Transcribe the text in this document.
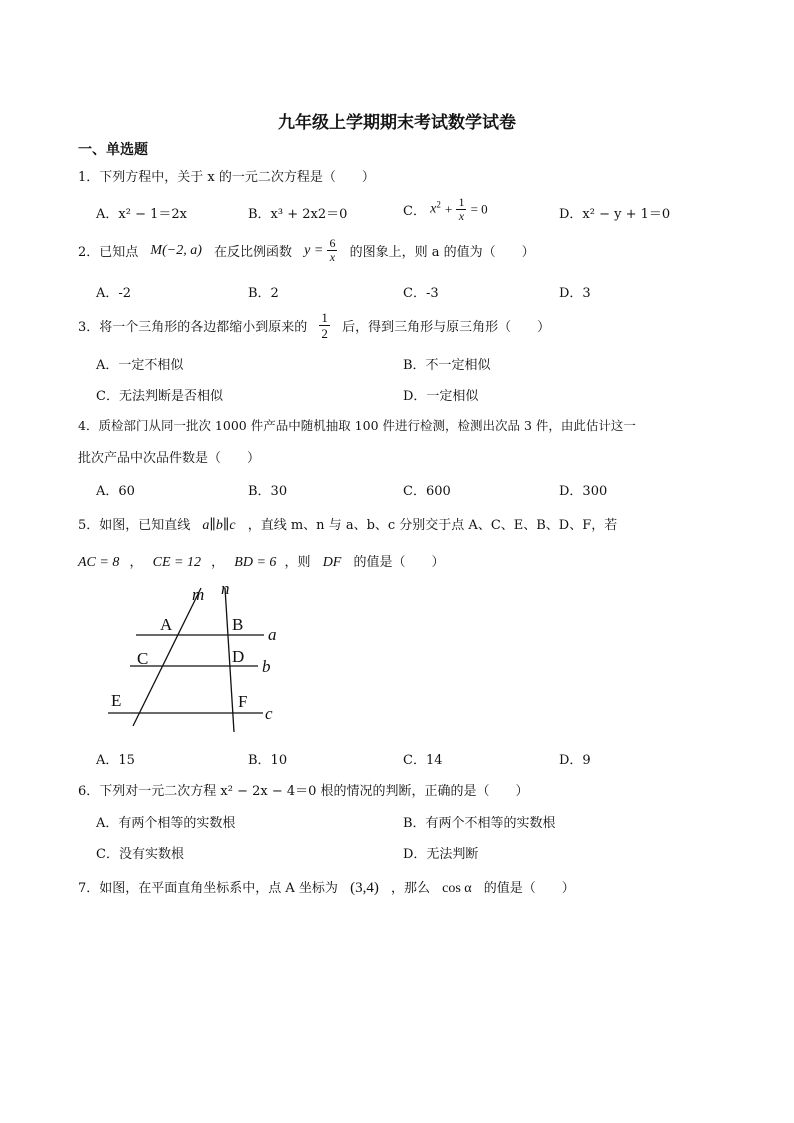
九年级上学期期末考试数学试卷
一、单选题
1．下列方程中，关于 x 的一元二次方程是（　　）
A．x² − 1＝2x	B．x³ + 2x2＝0	C． $x^2 + \frac{1}{x} = 0$	D．x² − y + 1＝0
2．已知点 M(−2, a) 在反比例函数 $y = \frac{6}{x}$ 的图象上，则 a 的值为（　　）
A．-2	B．2	C．-3	D．3
3．将一个三角形的各边都缩小到原来的 $\frac{1}{2}$ 后，得到三角形与原三角形（　　）
A．一定不相似	B．不一定相似
C．无法判断是否相似	D．一定相似
4．质检部门从同一批次 1000 件产品中随机抽取 100 件进行检测，检测出次品 3 件，由此估计这一
批次产品中次品件数是（　　）
A．60	B．30	C．600	D．300
5．如图，已知直线 a∥b∥c ，直线 m、n 与 a、b、c 分别交于点 A、C、E、B、D、F，若
AC = 8 ， CE = 12 ， BD = 6 ，则 DF 的值是（　　）
m n
A	B
C	D
E	F
a
b
c
A．15	B．10	C．14	D．9
6．下列对一元二次方程 x² − 2x − 4＝0 根的情况的判断，正确的是（　　）
A．有两个相等的实数根	B．有两个不相等的实数根
C．没有实数根	D．无法判断
7．如图，在平面直角坐标系中，点 A 坐标为 (3,4) ，那么 cos α 的值是（　　）
